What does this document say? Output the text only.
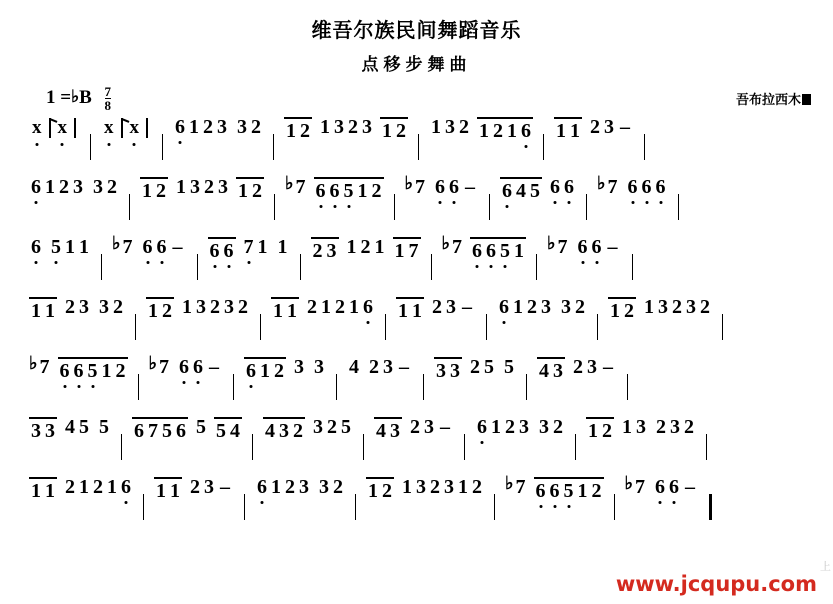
维吾尔族民间舞蹈音乐
点移步舞曲
1 =♭B $\frac{7}{8}$	吾布拉西木
x x x x 6 1 2 3 3 2 1 2 1 3 2 3 1 2 1 3 2 1 2 1 6 1 1 2 3 –
6 1 2 3 3 2 1 2 1 3 2 3 1 2 ♭ 7 6 6 5 1 2 ♭ 7 6 6 – 6 4 5 6 6 ♭ 7 6 6 6
6 5 1 1 ♭ 7 6 6 – 6 6 7 1 1 2 3 1 2 1 1 7 ♭ 7 6 6 5 1 ♭ 7 6 6 –
1 1 2 3 3 2 1 2 1 3 2 3 2 1 1 2 1 2 1 6 1 1 2 3 – 6 1 2 3 3 2 1 2 1 3 2 3 2
♭ 7 6 6 5 1 2 ♭ 7 6 6 – 6 1 2 3 3 4 2 3 – 3 3 2 5 5 4 3 2 3 –
3 3 4 5 5 6 7 5 6 5 5 4 4 3 2 3 2 5 4 3 2 3 – 6 1 2 3 3 2 1 2 1 3 2 3 2
1 1 2 1 2 1 6 1 1 2 3 – 6 1 2 3 3 2 1 2 1 3 2 3 1 2 ♭ 7 6 6 5 1 2 ♭ 7 6 6 –
上
www.jcqupu.com
